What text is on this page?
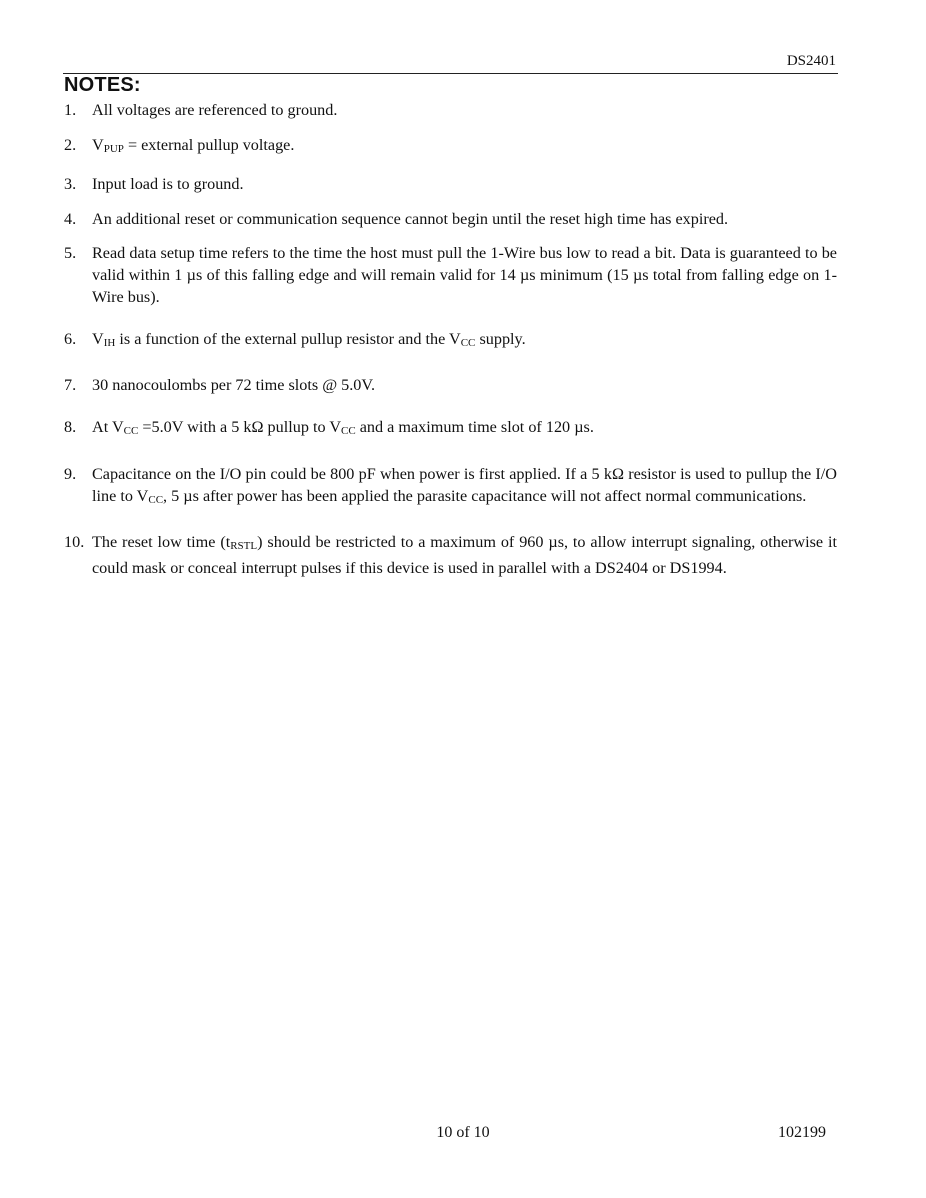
DS2401
NOTES:
1. All voltages are referenced to ground.
2. VPUP = external pullup voltage.
3. Input load is to ground.
4. An additional reset or communication sequence cannot begin until the reset high time has expired.
5. Read data setup time refers to the time the host must pull the 1-Wire bus low to read a bit. Data is guaranteed to be valid within 1 µs of this falling edge and will remain valid for 14 µs minimum (15 µs total from falling edge on 1-Wire bus).
6. VIH is a function of the external pullup resistor and the VCC supply.
7. 30 nanocoulombs per 72 time slots @ 5.0V.
8. At VCC =5.0V with a 5 kΩ pullup to VCC and a maximum time slot of 120 µs.
9. Capacitance on the I/O pin could be 800 pF when power is first applied. If a 5 kΩ resistor is used to pullup the I/O line to VCC, 5 µs after power has been applied the parasite capacitance will not affect normal communications.
10. The reset low time (tRSTL) should be restricted to a maximum of 960 µs, to allow interrupt signaling, otherwise it could mask or conceal interrupt pulses if this device is used in parallel with a DS2404 or DS1994.
10 of 10	102199
